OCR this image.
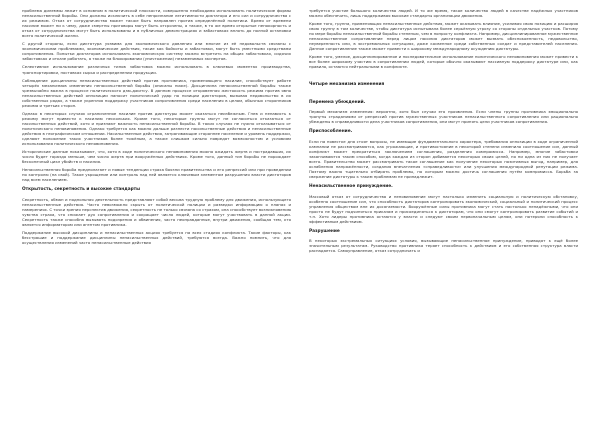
проблема дилеммы лежит в основном в политической плоскости, совершенно необходимо использовать политические формы ненасильственной борьбы. Они должны исключить в себе непризнание легитимности диктатора и его сил и сотрудничества с их режимом. Отказ от сотрудничества может также быть направлен против определённой политики. Время от времени насилие может ни к чему, даже смертны приговоры могут быть отсрочены, а также, в то же время открытые непокорность и отказ от сотрудничества могут быть использованы и в публичных демонстрациях и забастовках вплоть до полной остановки всего политической жизни.

С другой стороны, если диктатура уязвима для экономического давления или многие из её недовольств связаны с экономическими проблемами, экономические действия, такие как бойкоты и забастовки, могут быть уместными средствами сопротивления. Попытки диктаторов использовать экономическую систему можно встретить на общих забастовках, сидячих забастовках и отказе работать, а также на блокировании (уничтожении) незаменимых экспертов.

Селективное использование различных типов забастовок можно использовать в ключевых моментах производства, транспортировки, поставках сырья и распределении продукции.

Соблюдение дисциплины ненасильственных действий против противника, применяющего насилие, способствует работе четырёх механизмов изменения ненасильственной борьбы (описаны ниже). Дисциплина ненасильственной борьбы также чрезвычайно важна в процессе политического дзю-джитсу. В данном процессе откровенная жестокость режима против явно ненасильственных действий оппозиции наносит политический удар по позиции диктаторов, вызывая недовольство в их собственных рядах, а также укрепляя поддержку участников сопротивления среди населения в целом, обычных сторонников режима и третьих сторон.

Однако в некоторых случаях ограниченное насилие против диктатуры может оказаться неизбежным. Гнев и ненависть к режиму могут привести к насилию нескольких. Кроме того, некоторые группы могут не согласиться отказаться от насильственных действий, хотя и признают важность ненасильственной борьбы. В таких случаях не нужно отказываться от политического неповиновения. Однако требуется как можно дальше разнести насильственные действия и ненасильственные действия в географическом отношении. Насильственные действия, затрагивающие стороннее население и уровень поддержки, сделают положение таких участников более тяжёлым, а также слишком сильно повредят возможностям и условиям использования политического неповиновения.

Исторические данные показывают, что, хотя в ходе политического неповиновения можно ожидать жертв и пострадавших, их число будет гораздо меньше, чем число жертв при вооружённых действиях. Кроме того, данный тип борьбы не порождает бесконечный цикл убийств и насилия.

Ненасильственная борьба предполагает и новые тенденции страха боязни правительства и его репрессий или при проведении по контролю (на свой). Такое укрощение или контроль над ней является ключевым элементом разрушения власти диктаторов над всем населением.

Открытость, секретность и высокие стандарты

Секретность, обман и подпольная деятельность представляют собой весьма трудную проблему для движения, использующего ненасильственные действия. Часто невозможно скрыть от политической полиции и разведки информацию о планах и намерениях. С точки зрения перспектив движения, секретность не только связана со страхом, она способствует возникновению чувства страха, что снижает дух сопротивления и сокращает число людей, которые могут участвовать в данной акции. Секретность также способна вызывать подозрения и обвинения, часто неоправданные, внутри движения, сообщая тем, кто является информатором или агентом противника.

Поддержание высокой дисциплины и ненасильственных акциях требуется на всех стадиях конфликта. Такие факторы, как бесстрашие и поддержание дисциплины ненасильственных действий, требуются всегда. Важно помнить, что для осуществления изменений часто ненасильственные действия

требуется участие большого количества людей. И то же время, такое количество людей в качестве надёжных участников можно обеспечить, лишь поддерживая высокие стандарты организации движения.

Кроме того, группа, применяющая ненасильственные действия, может оказывать влияние, усиливая свою позицию и расширяя свою группу в том количестве, чтобы диктатура испытывала более серьёзную угрозу со стороны отдельных участков. Потому по мере борьбы ненасильственной борьбы степенью, чем в попросту конфликта. Например, дисциплинированное мужественное ненасильственное сопротивление перед лицом насилия диктаторов может вызвать обеспокоенность, недовольство, неуверенность или, в экстремальных ситуациях, даже косвенное среди собственных солдат и представителей населения. Данное сопротивление также может привести к широкому международному осуждению диктатуры.

Кроме того, умелое, дисциплинированное и последовательное использование политического неповиновения может привести к все более широкому участию в сопротивлении людей, которые обычно оказывают пассивную поддержку диктатуре или, как правило, остаются нейтральными в конфликте.

Четыре механизма изменения
Перемена убеждений.

Первый механизм изменения: вероятно, хотя был случаи его проявления. Если члены группы противника эмоционально тронуты страданиями от репрессий против мужественных участников ненасильственного сопротивления или рационально убеждены в справедливости дела участников сопротивления, они могут принять цели участников сопротивления.

Приспособление.

Если на повестке дня стоят вопросы, не имеющие фундаментального характера, требования оппозиции в ходе ограниченной кампании не рассматриваются, как угрожающие, и противостояние в некоторой степени изменило соотношение сил, данный конфликт может прекратиться заключением соглашения, разделения компромисса. Например, многие забастовки заканчиваются таким способом, когда каждая из сторон добивается некоторых своих целей, но ни одна из них не получает всего. Правительство может рассматривать такое соглашение как получение некоторых позитивных выгод, например, для ослабления напряжённости, создания впечатления «справедливости» или улучшения международной репутации режима. Поэтому важно тщательно отбирать проблемы, по которым можно достичь соглашения путём компромисса. Борьба за свержение диктатуры к таким проблемам не принадлежит.

Ненасильственное принуждение.

Массовый отказ от сотрудничества и неповиновение могут настолько изменить социальную и политическую обстановку, особенно соотношение сил, что способность диктаторов контролировать экономический, социальный и политический процесс управления обществом вне их досягаемости. Вооружённые силы противника могут стать настолько ненадёжными, что они просто не будут подчиняться приказам и присоединяться к диктаторам, что они смогут контролировать развитие событий и т.п. Хотя лидеры противника остаются у власти и следуют своим первоначальным целям, они потеряли способность к эффективным действиям.

Разрушение

В некоторых экстремальных ситуациях условия, вызывающие ненасильственное принуждение, приводят к ещё более значительным результатам. Руководство противника теряет способность к действиям и его собственная структура власти распадается. Самоуправление, отказ сотрудничать и
